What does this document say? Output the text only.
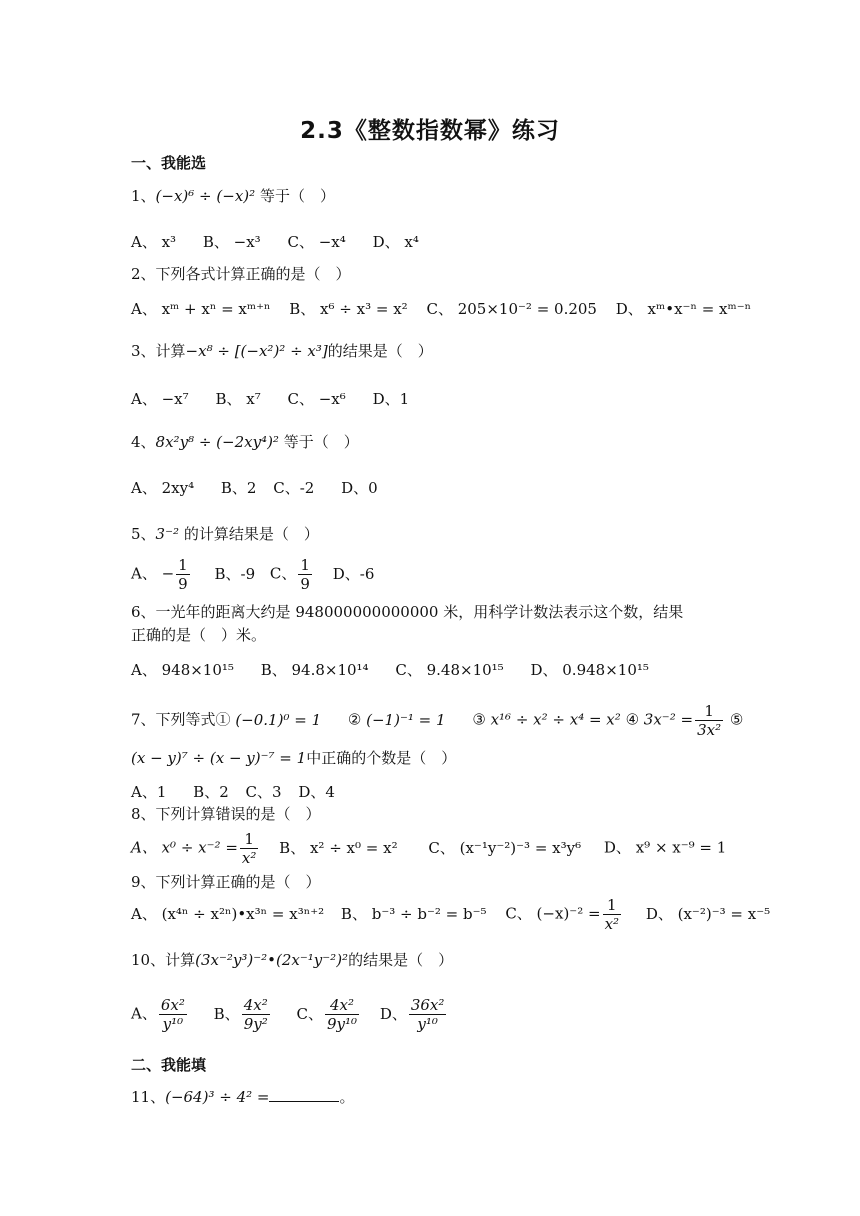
2.3《整数指数幂》练习
一、我能选
1、(−x)⁶ ÷ (−x)² 等于（　）
A、 x³ B、 −x³ C、 −x⁴ D、 x⁴
2、下列各式计算正确的是（　）
A、 xᵐ + xⁿ = xᵐ⁺ⁿ B、 x⁶ ÷ x³ = x² C、 205×10⁻² = 0.205 D、 xᵐ•x⁻ⁿ = xᵐ⁻ⁿ
3、计算−x⁸ ÷ [(−x²)² ÷ x³]的结果是（　）
A、 −x⁷ B、 x⁷ C、 −x⁶ D、1
4、8x²y⁸ ÷ (−2xy⁴)² 等于（　）
A、 2xy⁴ B、2 C、-2 D、0
5、3⁻² 的计算结果是（　）
A、 − $\frac{1}{9}$ B、-9 C、 $\frac{1}{9}$ D、-6
6、一光年的距离大约是 948000000000000 米，用科学计数法表示这个数，结果
正确的是（　）米。
A、 948×10¹⁵ B、 94.8×10¹⁴ C、 9.48×10¹⁵ D、 0.948×10¹⁵
7、下列等式① (−0.1)⁰ = 1 ② (−1)⁻¹ = 1 ③ x¹⁶ ÷ x² ÷ x⁴ = x² ④ $3x^{-2} = \frac{1}{\text{3x²}}$ ⑤
(x − y)⁷ ÷ (x − y)⁻⁷ = 1中正确的个数是（　）
A、1 B、2 C、3 D、4
8、下列计算错误的是（　）
A、 $x^0 \div x^{-2} = \frac{1}{\text{x²}}$ B、 x² ÷ x⁰ = x² C、 (x⁻¹y⁻²)⁻³ = x³y⁶ D、 x⁹ × x⁻⁹ = 1
9、下列计算正确的是（　）
A、 (x⁴ⁿ ÷ x²ⁿ)•x³ⁿ = x³ⁿ⁺² B、 b⁻³ ÷ b⁻² = b⁻⁵ C、 $(-x)^{-2} = \frac{1}{\text{x²}}$ D、 (x⁻²)⁻³ = x⁻⁵
10、计算(3x⁻²y³)⁻²•(2x⁻¹y⁻²)²的结果是（　）
A、 $\frac{\text{6x²}}{\text{y¹⁰}}$ B、 $\frac{\text{4x²}}{\text{9y²}}$ C、 $\frac{\text{4x²}}{\text{9y¹⁰}}$ D、 $\frac{\text{36x²}}{\text{y¹⁰}}$
二、我能填
11、(−64)³ ÷ 4² =	。
